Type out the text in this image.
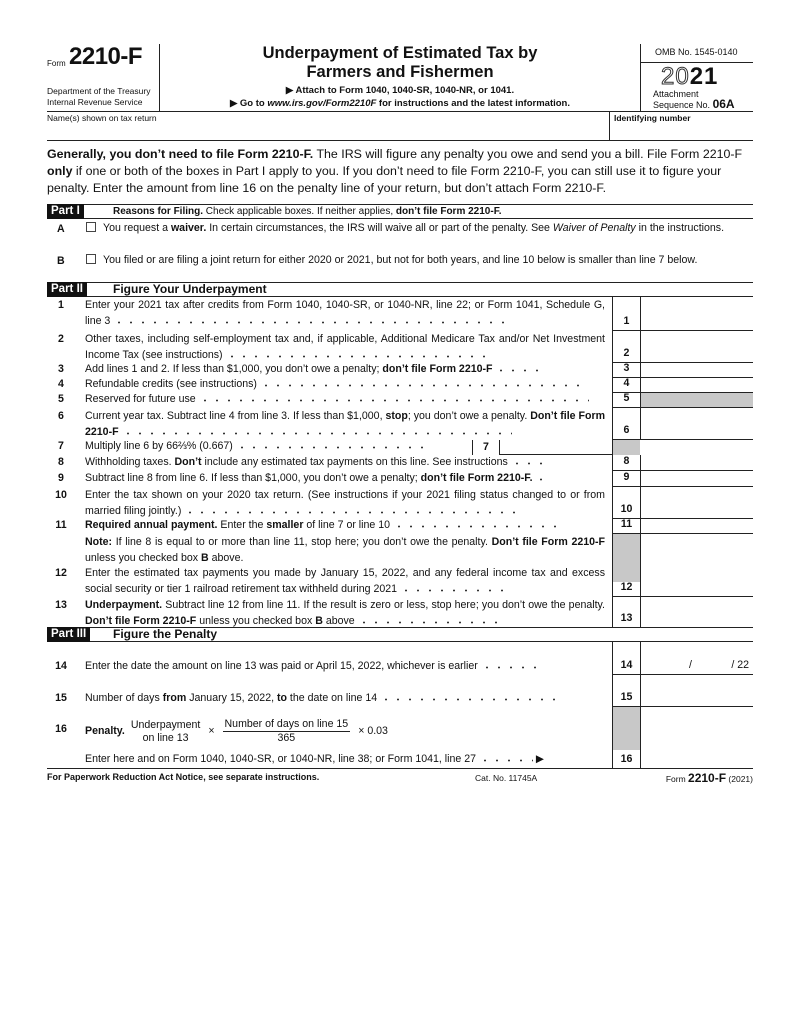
Form 2210-F
Department of the Treasury
Internal Revenue Service
Underpayment of Estimated Tax by
Farmers and Fishermen
▶ Attach to Form 1040, 1040-SR, 1040-NR, or 1041.
▶ Go to www.irs.gov/Form2210F for instructions and the latest information.
OMB No. 1545-0140
2021
Attachment
Sequence No. 06A
Name(s) shown on tax return	Identifying number
Generally, you don’t need to file Form 2210-F. The IRS will figure any penalty you owe and send you a bill. File Form 2210-F only if one or both of the boxes in Part I apply to you. If you don’t need to file Form 2210-F, you can still use it to figure your penalty. Enter the amount from line 16 on the penalty line of your return, but don’t attach Form 2210-F.
Part I	Reasons for Filing. Check applicable boxes. If neither applies, don’t file Form 2210-F.
A	You request a waiver. In certain circumstances, the IRS will waive all or part of the penalty. See Waiver of Penalty in the instructions.
B	You filed or are filing a joint return for either 2020 or 2021, but not for both years, and line 10 below is smaller than line 7 below.
Part II	Figure Your Underpayment
1	Enter your 2021 tax after credits from Form 1040, 1040-SR, or 1040-NR, line 22; or Form 1041, Schedule G, line 3	1
2	Other taxes, including self-employment tax and, if applicable, Additional Medicare Tax and/or Net Investment Income Tax (see instructions)	2
3	Add lines 1 and 2. If less than $1,000, you don’t owe a penalty; don’t file Form 2210-F	3
4	Refundable credits (see instructions)	4
5	Reserved for future use	5
6	Current year tax. Subtract line 4 from line 3. If less than $1,000, stop; you don’t owe a penalty. Don’t file Form 2210-F	6
7	Multiply line 6 by 66⅔% (0.667)	7
8	Withholding taxes. Don’t include any estimated tax payments on this line. See instructions	8
9	Subtract line 8 from line 6. If less than $1,000, you don’t owe a penalty; don’t file Form 2210-F.	9
10	Enter the tax shown on your 2020 tax return. (See instructions if your 2021 filing status changed to or from married filing jointly.)	10
11	Required annual payment. Enter the smaller of line 7 or line 10	11
Note: If line 8 is equal to or more than line 11, stop here; you don’t owe the penalty. Don’t file Form 2210-F unless you checked box B above.
12	Enter the estimated tax payments you made by January 15, 2022, and any federal income tax and excess social security or tier 1 railroad retirement tax withheld during 2021	12
13	Underpayment. Subtract line 12 from line 11. If the result is zero or less, stop here; you don’t owe the penalty. Don’t file Form 2210-F unless you checked box B above	13
Part III	Figure the Penalty
14	Enter the date the amount on line 13 was paid or April 15, 2022, whichever is earlier	14	/	/ 22
15	Number of days from January 15, 2022, to the date on line 14	15
16	Penalty.
Underpayment
on line 13
× $\frac{\text{Number of days on line 15}}{365} \times 0.03$
Enter here and on Form 1040, 1040-SR, or 1040-NR, line 38; or Form 1041, line 27	▶	16
For Paperwork Reduction Act Notice, see separate instructions.	Cat. No. 11745A	Form 2210-F (2021)
